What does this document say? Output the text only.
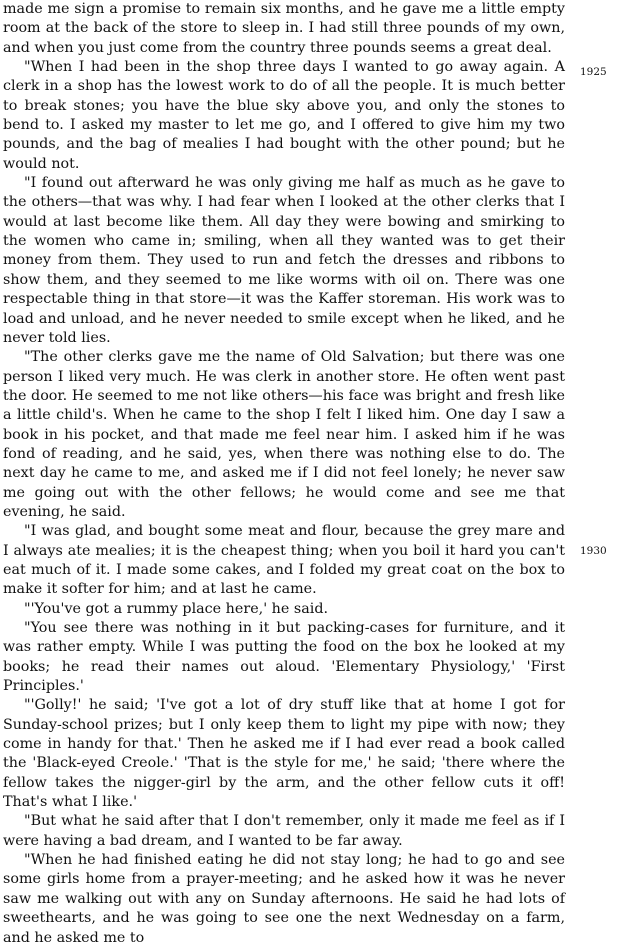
made me sign a promise to remain six months, and he gave me a little empty room at the back of the store to sleep in. I had still three pounds of my own, and when you just come from the country three pounds seems a great deal.

"When I had been in the shop three days I wanted to go away again. A clerk in a shop has the lowest work to do of all the people. It is much better to break stones; you have the blue sky above you, and only the stones to bend to. I asked my master to let me go, and I offered to give him my two pounds, and the bag of mealies I had bought with the other pound; but he would not.

"I found out afterward he was only giving me half as much as he gave to the others—that was why. I had fear when I looked at the other clerks that I would at last become like them. All day they were bowing and smirking to the women who came in; smiling, when all they wanted was to get their money from them. They used to run and fetch the dresses and ribbons to show them, and they seemed to me like worms with oil on. There was one respectable thing in that store—it was the Kaffer storeman. His work was to load and unload, and he never needed to smile except when he liked, and he never told lies.

"The other clerks gave me the name of Old Salvation; but there was one person I liked very much. He was clerk in another store. He often went past the door. He seemed to me not like others—his face was bright and fresh like a little child's. When he came to the shop I felt I liked him. One day I saw a book in his pocket, and that made me feel near him. I asked him if he was fond of reading, and he said, yes, when there was nothing else to do. The next day he came to me, and asked me if I did not feel lonely; he never saw me going out with the other fellows; he would come and see me that evening, he said.

"I was glad, and bought some meat and flour, because the grey mare and I always ate mealies; it is the cheapest thing; when you boil it hard you can't eat much of it. I made some cakes, and I folded my great coat on the box to make it softer for him; and at last he came.

"'You've got a rummy place here,' he said.

"You see there was nothing in it but packing-cases for furniture, and it was rather empty. While I was putting the food on the box he looked at my books; he read their names out aloud. 'Elementary Physiology,' 'First Principles.'

"'Golly!' he said; 'I've got a lot of dry stuff like that at home I got for Sunday-school prizes; but I only keep them to light my pipe with now; they come in handy for that.' Then he asked me if I had ever read a book called the 'Black-eyed Creole.' 'That is the style for me,' he said; 'there where the fellow takes the nigger-girl by the arm, and the other fellow cuts it off! That's what I like.'

"But what he said after that I don't remember, only it made me feel as if I were having a bad dream, and I wanted to be far away.

"When he had finished eating he did not stay long; he had to go and see some girls home from a prayer-meeting; and he asked how it was he never saw me walking out with any on Sunday afternoons. He said he had lots of sweethearts, and he was going to see one the next Wednesday on a farm, and he asked me to

1925
1930
